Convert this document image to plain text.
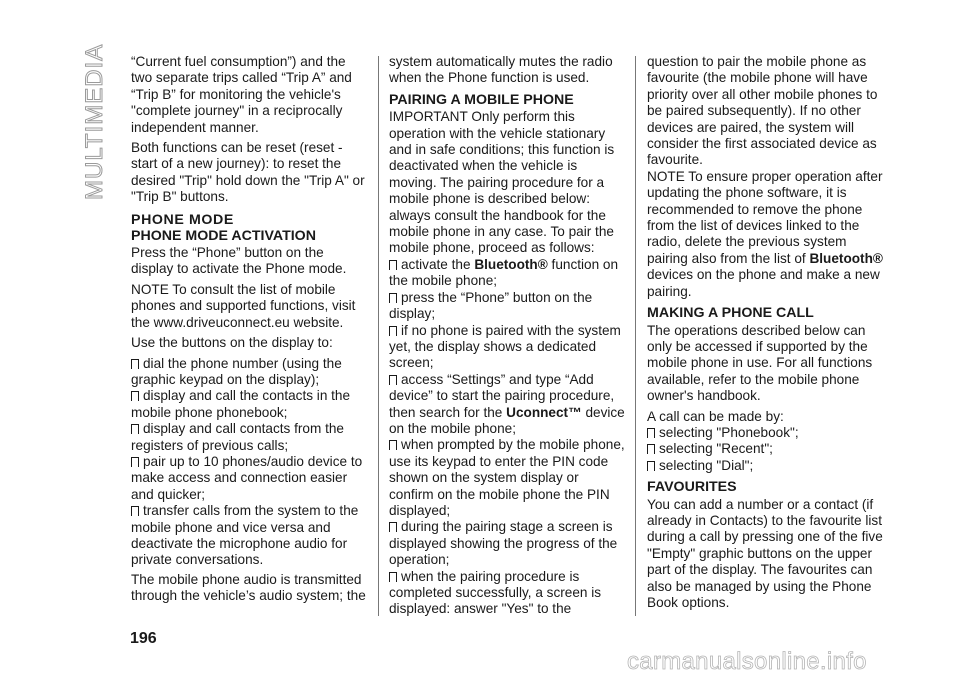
MULTIMEDIA “Current fuel consumption”) and the two separate trips called “Trip A” and “Trip B” for monitoring the vehicle's "complete journey" in a reciprocally independent manner.

Both functions can be reset (reset - start of a new journey): to reset the desired "Trip" hold down the "Trip A" or "Trip B" buttons.

PHONE MODE
PHONE MODE ACTIVATION

Press the “Phone” button on the display to activate the Phone mode.

NOTE To consult the list of mobile phones and supported functions, visit the www.driveuconnect.eu website.

Use the buttons on the display to:

dial the phone number (using the graphic keypad on the display);
display and call the contacts in the mobile phone phonebook;
display and call contacts from the registers of previous calls;
pair up to 10 phones/audio device to make access and connection easier and quicker;
transfer calls from the system to the mobile phone and vice versa and deactivate the microphone audio for private conversations.

The mobile phone audio is transmitted through the vehicle’s audio system; the

system automatically mutes the radio when the Phone function is used.

PAIRING A MOBILE PHONE

IMPORTANT Only perform this operation with the vehicle stationary and in safe conditions; this function is deactivated when the vehicle is moving. The pairing procedure for a mobile phone is described below: always consult the handbook for the mobile phone in any case. To pair the mobile phone, proceed as follows:

activate the Bluetooth® function on the mobile phone;
press the “Phone” button on the display;
if no phone is paired with the system yet, the display shows a dedicated screen;
access “Settings” and type “Add device” to start the pairing procedure, then search for the Uconnect™ device on the mobile phone;
when prompted by the mobile phone, use its keypad to enter the PIN code shown on the system display or confirm on the mobile phone the PIN displayed;
during the pairing stage a screen is displayed showing the progress of the operation;
when the pairing procedure is completed successfully, a screen is displayed: answer "Yes" to the

question to pair the mobile phone as favourite (the mobile phone will have priority over all other mobile phones to be paired subsequently). If no other devices are paired, the system will consider the first associated device as favourite.

NOTE To ensure proper operation after updating the phone software, it is recommended to remove the phone from the list of devices linked to the radio, delete the previous system pairing also from the list of Bluetooth® devices on the phone and make a new pairing.

MAKING A PHONE CALL

The operations described below can only be accessed if supported by the mobile phone in use. For all functions available, refer to the mobile phone owner's handbook.

A call can be made by:

selecting "Phonebook";
selecting "Recent";
selecting "Dial";
FAVOURITES

You can add a number or a contact (if already in Contacts) to the favourite list during a call by pressing one of the five "Empty" graphic buttons on the upper part of the display. The favourites can also be managed by using the Phone Book options.

196
carmanualsonline.info
